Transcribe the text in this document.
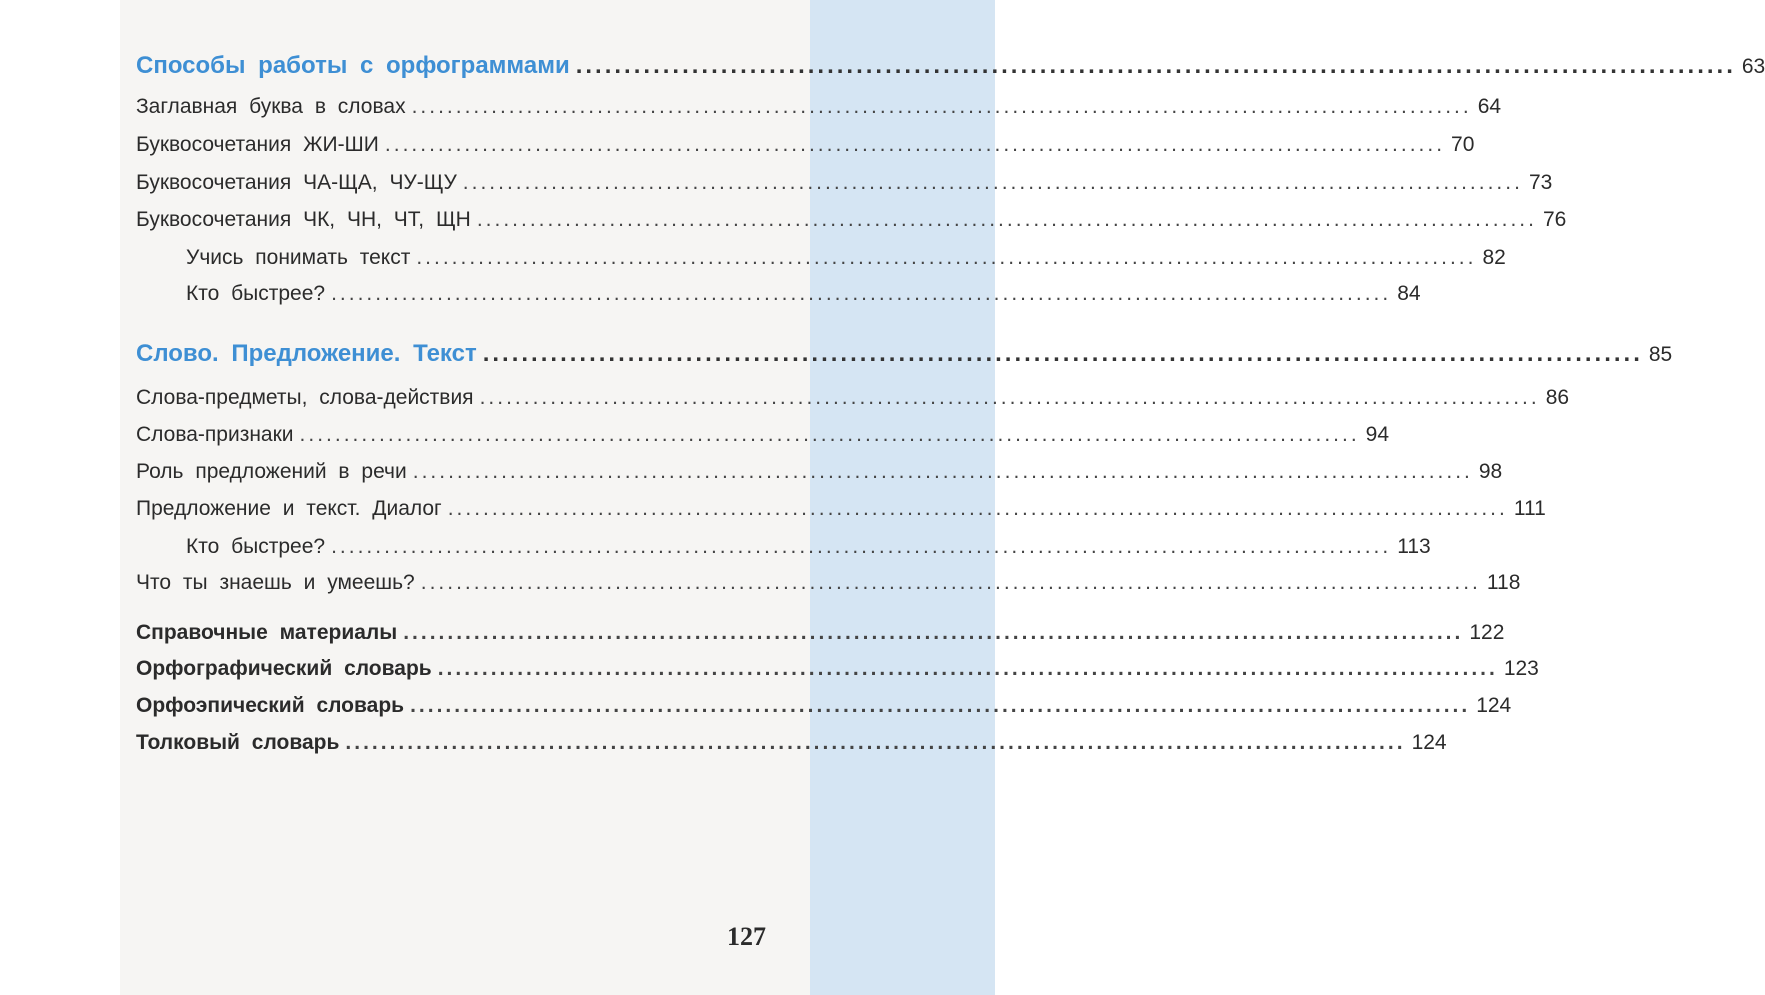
Способы работы с орфограммами ........................................................................................................................ 63
Заглавная буква в словах ........................................................................................................................ 64
Буквосочетания ЖИ-ШИ ........................................................................................................................ 70
Буквосочетания ЧА-ЩА, ЧУ-ЩУ ........................................................................................................................ 73
Буквосочетания ЧК, ЧН, ЧТ, ЩН ........................................................................................................................ 76
Учись понимать текст ........................................................................................................................ 82
Кто быстрее? ........................................................................................................................ 84
Слово. Предложение. Текст ........................................................................................................................ 85
Слова-предметы, слова-действия ........................................................................................................................ 86
Слова-признаки ........................................................................................................................ 94
Роль предложений в речи ........................................................................................................................ 98
Предложение и текст. Диалог ........................................................................................................................ 111
Кто быстрее? ........................................................................................................................ 113
Что ты знаешь и умеешь? ........................................................................................................................ 118
Справочные материалы ........................................................................................................................ 122
Орфографический словарь ........................................................................................................................ 123
Орфоэпический словарь ........................................................................................................................ 124
Толковый словарь ........................................................................................................................ 124
127
